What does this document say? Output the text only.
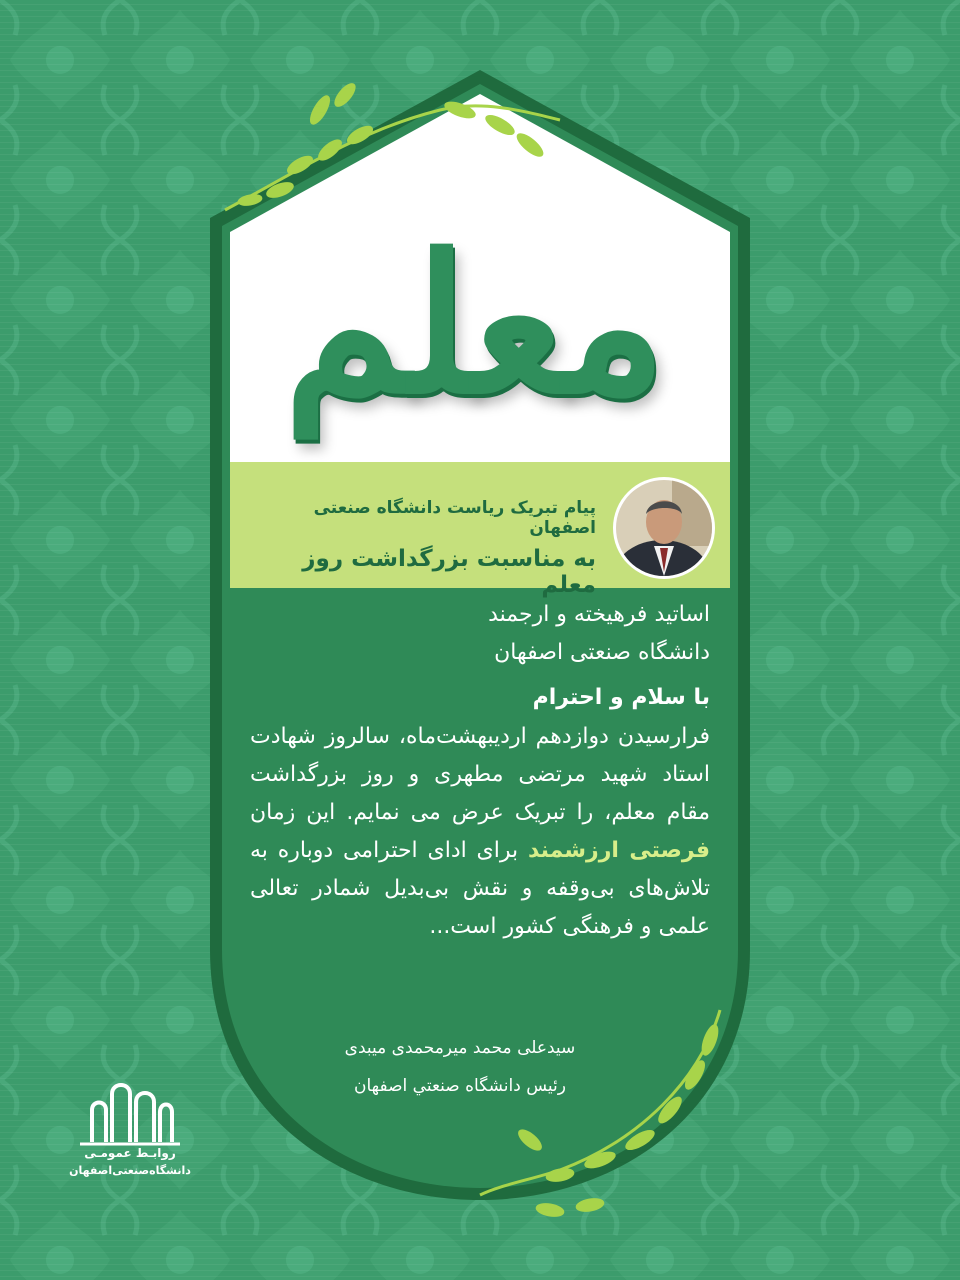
معلم
پیام تبریک ریاست دانشگاه صنعتی اصفهان
به مناسبت بزرگداشت روز معلم
اساتید فرهیخته و ارجمند
دانشگاه صنعتی اصفهان
با سلام و احترام
فرارسیدن دوازدهم اردیبهشت‌ماه، سالروز شهادت استاد شهید مرتضی مطهری و روز بزرگداشت مقام معلم، را تبریک عرض می نمایم. این زمان فرصتی ارزشمند برای ادای احترامی دوباره به تلاش‌های بی‌وقفه و نقش بی‌بدیل شمادر تعالی علمی و فرهنگی کشور است...
سیدعلی محمد میرمحمدی میبدی
رئیس دانشگاه صنعتي اصفهان
روابـط عمومـی
دانشگاه‌صنعتی‌اصفهان
